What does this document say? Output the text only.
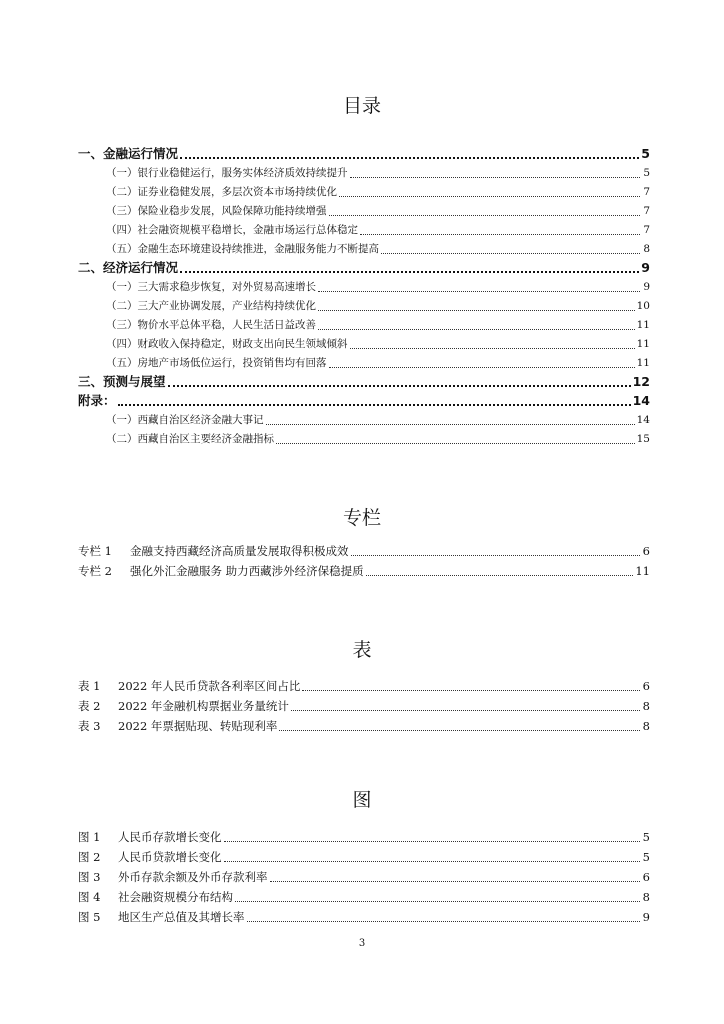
目录
一、金融运行情况	5
（一）银行业稳健运行，服务实体经济质效持续提升	5
（二）证券业稳健发展，多层次资本市场持续优化	7
（三）保险业稳步发展，风险保障功能持续增强	7
（四）社会融资规模平稳增长，金融市场运行总体稳定	7
（五）金融生态环境建设持续推进，金融服务能力不断提高	8
二、经济运行情况	9
（一）三大需求稳步恢复，对外贸易高速增长	9
（二）三大产业协调发展，产业结构持续优化	10
（三）物价水平总体平稳，人民生活日益改善	11
（四）财政收入保持稳定，财政支出向民生领域倾斜	11
（五）房地产市场低位运行，投资销售均有回落	11
三、预测与展望	12
附录：	14
（一）西藏自治区经济金融大事记	14
（二）西藏自治区主要经济金融指标	15
专栏
专栏 1 金融支持西藏经济高质量发展取得积极成效	6
专栏 2 强化外汇金融服务 助力西藏涉外经济保稳提质	11
表
表 1 2022 年人民币贷款各利率区间占比	6
表 2 2022 年金融机构票据业务量统计	8
表 3 2022 年票据贴现、转贴现利率	8
图
图 1 人民币存款增长变化	5
图 2 人民币贷款增长变化	5
图 3 外币存款余额及外币存款利率	6
图 4 社会融资规模分布结构	8
图 5 地区生产总值及其增长率	9
3
